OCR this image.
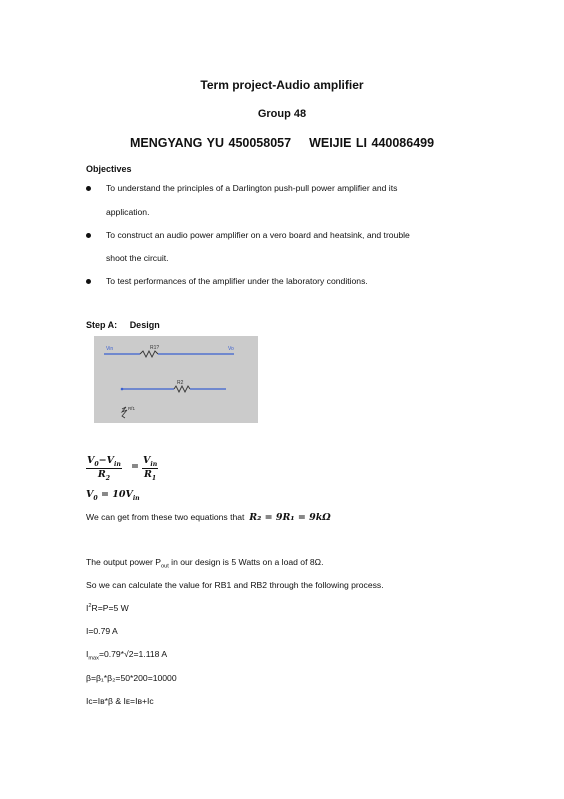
Term project-Audio amplifier
Group 48
MENGYANG YU 450058057 WEIJIE LI 440086499
Objectives
To understand the principles of a Darlington push-pull power amplifier and its
application.
To construct an audio power amplifier on a vero board and heatsink, and trouble
shoot the circuit.
To test performances of the amplifier under the laboratory conditions.
Step A: Design
Vin	R1?	Vo
R2
Rf1
$V_0-V_{in}$
$R_2$
=
$V_{in}$
$R_1$
$V_0 = 10V_{in}$
We can get from these two equations that R₂ = 9R₁ = 9kΩ
The output power $P_{out}$ in our design is 5 Watts on a load of 8Ω.
So we can calculate the value for RB1 and RB2 through the following process.
$I^2R=P=5$ W
I=0.79 A
$I_{max}=0.79*√2=1.118$ A
β=β₁*β₂=50*200=10000
Iᴄ=Iʙ*β & Iᴇ=Iʙ+Iᴄ
